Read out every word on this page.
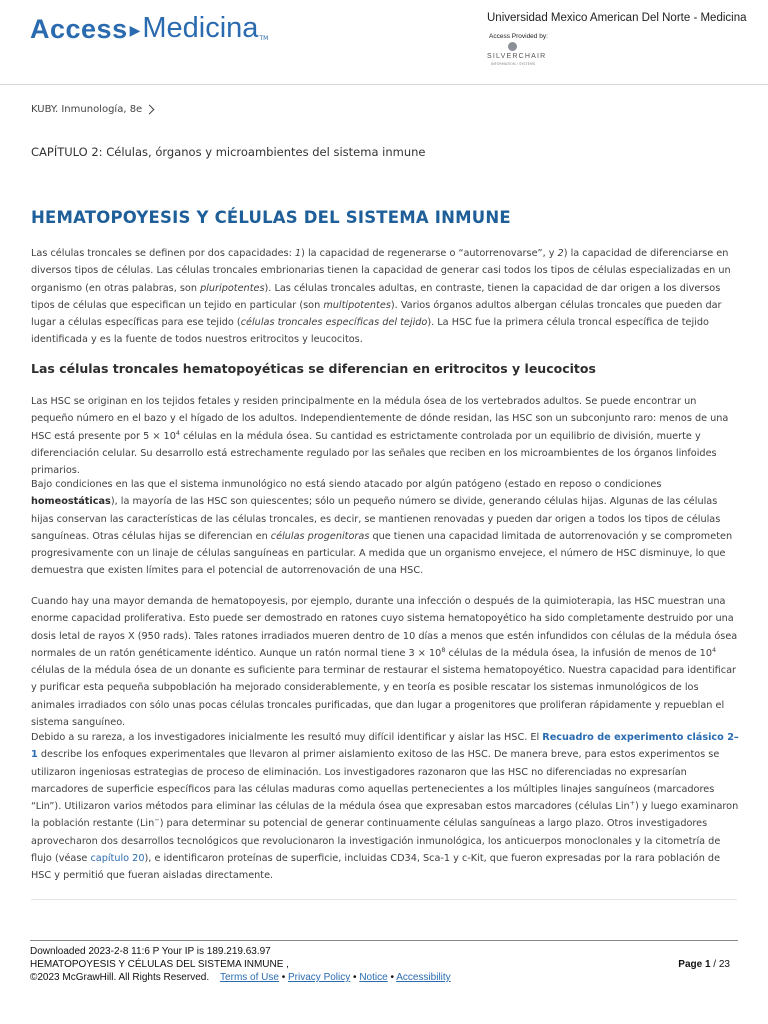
Access ▶ Medicina TM
Universidad Mexico American Del Norte - Medicina
Access Provided by:
SILVERCHAIR
INFORMATION / SYSTEMS
KUBY. Inmunología, 8e
CAPÍTULO 2: Células, órganos y microambientes del sistema inmune
HEMATOPOYESIS Y CÉLULAS DEL SISTEMA INMUNE

Las células troncales se definen por dos capacidades: 1) la capacidad de regenerarse o “autorrenovarse”, y 2) la capacidad de diferenciarse en diversos tipos de células. Las células troncales embrionarias tienen la capacidad de generar casi todos los tipos de células especializadas en un organismo (en otras palabras, son pluripotentes). Las células troncales adultas, en contraste, tienen la capacidad de dar origen a los diversos tipos de células que especifican un tejido en particular (son multipotentes). Varios órganos adultos albergan células troncales que pueden dar lugar a células específicas para ese tejido (células troncales específicas del tejido). La HSC fue la primera célula troncal específica de tejido identificada y es la fuente de todos nuestros eritrocitos y leucocitos.

Las células troncales hematopoyéticas se diferencian en eritrocitos y leucocitos

Las HSC se originan en los tejidos fetales y residen principalmente en la médula ósea de los vertebrados adultos. Se puede encontrar un pequeño número en el bazo y el hígado de los adultos. Independientemente de dónde residan, las HSC son un subconjunto raro: menos de una HSC está presente por $5 \times 10^4$ células en la médula ósea. Su cantidad es estrictamente controlada por un equilibrio de división, muerte y diferenciación celular. Su desarrollo está estrechamente regulado por las señales que reciben en los microambientes de los órganos linfoides primarios.

Bajo condiciones en las que el sistema inmunológico no está siendo atacado por algún patógeno (estado en reposo o condiciones homeostáticas), la mayoría de las HSC son quiescentes; sólo un pequeño número se divide, generando células hijas. Algunas de las células hijas conservan las características de las células troncales, es decir, se mantienen renovadas y pueden dar origen a todos los tipos de células sanguíneas. Otras células hijas se diferencian en células progenitoras que tienen una capacidad limitada de autorrenovación y se comprometen progresivamente con un linaje de células sanguíneas en particular. A medida que un organismo envejece, el número de HSC disminuye, lo que demuestra que existen límites para el potencial de autorrenovación de una HSC.

Cuando hay una mayor demanda de hematopoyesis, por ejemplo, durante una infección o después de la quimioterapia, las HSC muestran una enorme capacidad proliferativa. Esto puede ser demostrado en ratones cuyo sistema hematopoyético ha sido completamente destruido por una dosis letal de rayos X (950 rads). Tales ratones irradiados mueren dentro de 10 días a menos que estén infundidos con células de la médula ósea normales de un ratón genéticamente idéntico. Aunque un ratón normal tiene $3 \times 10^8$ células de la médula ósea, la infusión de menos de $10^4$ células de la médula ósea de un donante es suficiente para terminar de restaurar el sistema hematopoyético. Nuestra capacidad para identificar y purificar esta pequeña subpoblación ha mejorado considerablemente, y en teoría es posible rescatar los sistemas inmunológicos de los animales irradiados con sólo unas pocas células troncales purificadas, que dan lugar a progenitores que proliferan rápidamente y repueblan el sistema sanguíneo.

Debido a su rareza, a los investigadores inicialmente les resultó muy difícil identificar y aislar las HSC. El Recuadro de experimento clásico 2–1 describe los enfoques experimentales que llevaron al primer aislamiento exitoso de las HSC. De manera breve, para estos experimentos se utilizaron ingeniosas estrategias de proceso de eliminación. Los investigadores razonaron que las HSC no diferenciadas no expresarían marcadores de superficie específicos para las células maduras como aquellas pertenecientes a los múltiples linajes sanguíneos (marcadores “Lin”). Utilizaron varios métodos para eliminar las células de la médula ósea que expresaban estos marcadores (células Lin+) y luego examinaron la población restante (Lin−) para determinar su potencial de generar continuamente células sanguíneas a largo plazo. Otros investigadores aprovecharon dos desarrollos tecnológicos que revolucionaron la investigación inmunológica, los anticuerpos monoclonales y la citometría de flujo (véase capítulo 20), e identificaron proteínas de superficie, incluidas CD34, Sca-1 y c-Kit, que fueron expresadas por la rara población de HSC y permitió que fueran aisladas directamente.

Downloaded 2023-2-8 11:6 P Your IP is 189.219.63.97
HEMATOPOYESIS Y CÉLULAS DEL SISTEMA INMUNE ,
©2023 McGrawHill. All Rights Reserved. Terms of Use • Privacy Policy • Notice • Accessibility
Page 1 / 23
